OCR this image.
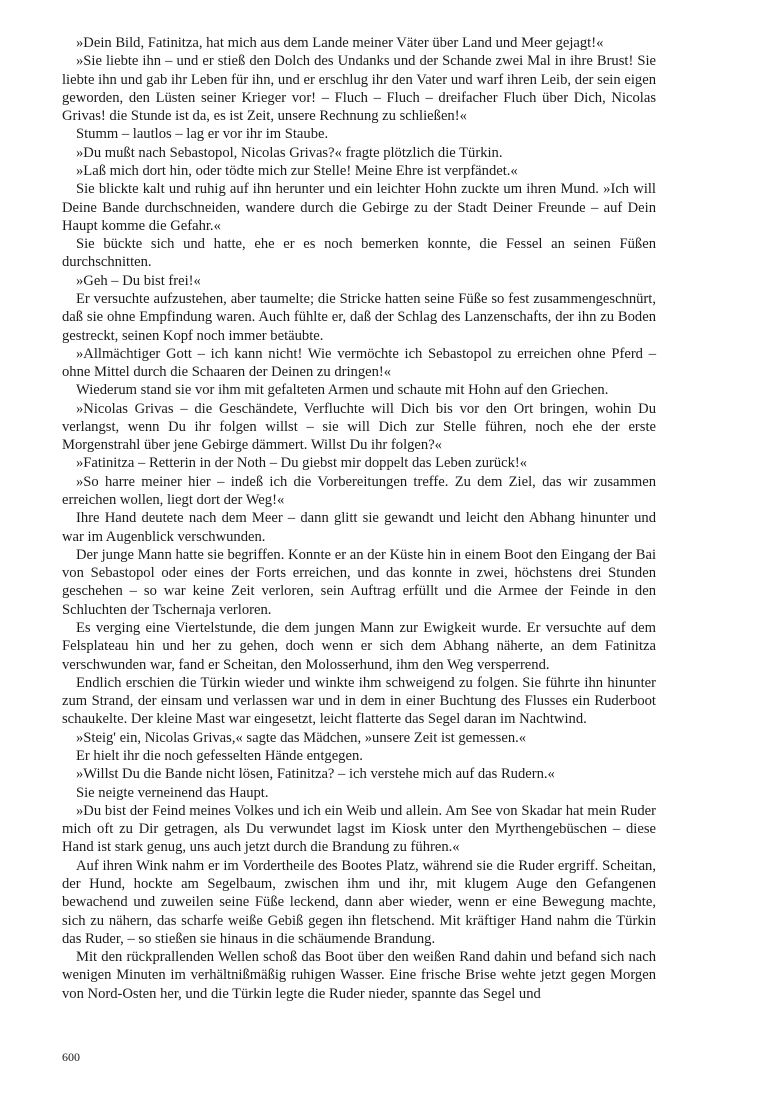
»Dein Bild, Fatinitza, hat mich aus dem Lande meiner Väter über Land und Meer gejagt!«

»Sie liebte ihn – und er stieß den Dolch des Undanks und der Schande zwei Mal in ihre Brust! Sie liebte ihn und gab ihr Leben für ihn, und er erschlug ihr den Vater und warf ihren Leib, der sein eigen geworden, den Lüsten seiner Krieger vor! – Fluch – Fluch – dreifacher Fluch über Dich, Nicolas Grivas! die Stunde ist da, es ist Zeit, unsere Rechnung zu schließen!«

Stumm – lautlos – lag er vor ihr im Staube.

»Du mußt nach Sebastopol, Nicolas Grivas?« fragte plötzlich die Türkin.

»Laß mich dort hin, oder tödte mich zur Stelle! Meine Ehre ist verpfändet.«

Sie blickte kalt und ruhig auf ihn herunter und ein leichter Hohn zuckte um ihren Mund. »Ich will Deine Bande durchschneiden, wandere durch die Gebirge zu der Stadt Deiner Freunde – auf Dein Haupt komme die Gefahr.«

Sie bückte sich und hatte, ehe er es noch bemerken konnte, die Fessel an seinen Füßen durchschnitten.

»Geh – Du bist frei!«

Er versuchte aufzustehen, aber taumelte; die Stricke hatten seine Füße so fest zusammengeschnürt, daß sie ohne Empfindung waren. Auch fühlte er, daß der Schlag des Lanzenschafts, der ihn zu Boden gestreckt, seinen Kopf noch immer betäubte.

»Allmächtiger Gott – ich kann nicht! Wie vermöchte ich Sebastopol zu erreichen ohne Pferd – ohne Mittel durch die Schaaren der Deinen zu dringen!«

Wiederum stand sie vor ihm mit gefalteten Armen und schaute mit Hohn auf den Griechen.

»Nicolas Grivas – die Geschändete, Verfluchte will Dich bis vor den Ort bringen, wohin Du verlangst, wenn Du ihr folgen willst – sie will Dich zur Stelle führen, noch ehe der erste Morgenstrahl über jene Gebirge dämmert. Willst Du ihr folgen?«

»Fatinitza – Retterin in der Noth – Du giebst mir doppelt das Leben zurück!«

»So harre meiner hier – indeß ich die Vorbereitungen treffe. Zu dem Ziel, das wir zusammen erreichen wollen, liegt dort der Weg!«

Ihre Hand deutete nach dem Meer – dann glitt sie gewandt und leicht den Abhang hinunter und war im Augenblick verschwunden.

Der junge Mann hatte sie begriffen. Konnte er an der Küste hin in einem Boot den Eingang der Bai von Sebastopol oder eines der Forts erreichen, und das konnte in zwei, höchstens drei Stunden geschehen – so war keine Zeit verloren, sein Auftrag erfüllt und die Armee der Feinde in den Schluchten der Tschernaja verloren.

Es verging eine Viertelstunde, die dem jungen Mann zur Ewigkeit wurde. Er versuchte auf dem Felsplateau hin und her zu gehen, doch wenn er sich dem Abhang näherte, an dem Fatinitza verschwunden war, fand er Scheitan, den Molosserhund, ihm den Weg versperrend.

Endlich erschien die Türkin wieder und winkte ihm schweigend zu folgen. Sie führte ihn hinunter zum Strand, der einsam und verlassen war und in dem in einer Buchtung des Flusses ein Ruderboot schaukelte. Der kleine Mast war eingesetzt, leicht flatterte das Segel daran im Nachtwind.

»Steig' ein, Nicolas Grivas,« sagte das Mädchen, »unsere Zeit ist gemessen.«

Er hielt ihr die noch gefesselten Hände entgegen.

»Willst Du die Bande nicht lösen, Fatinitza? – ich verstehe mich auf das Rudern.«

Sie neigte verneinend das Haupt.

»Du bist der Feind meines Volkes und ich ein Weib und allein. Am See von Skadar hat mein Ruder mich oft zu Dir getragen, als Du verwundet lagst im Kiosk unter den Myrthengebüschen – diese Hand ist stark genug, uns auch jetzt durch die Brandung zu führen.«

Auf ihren Wink nahm er im Vordertheile des Bootes Platz, während sie die Ruder ergriff. Scheitan, der Hund, hockte am Segelbaum, zwischen ihm und ihr, mit klugem Auge den Gefangenen bewachend und zuweilen seine Füße leckend, dann aber wieder, wenn er eine Bewegung machte, sich zu nähern, das scharfe weiße Gebiß gegen ihn fletschend. Mit kräftiger Hand nahm die Türkin das Ruder, – so stießen sie hinaus in die schäumende Brandung.

Mit den rückprallenden Wellen schoß das Boot über den weißen Rand dahin und befand sich nach wenigen Minuten im verhältnißmäßig ruhigen Wasser. Eine frische Brise wehte jetzt gegen Morgen von Nord-Osten her, und die Türkin legte die Ruder nieder, spannte das Segel und

600
